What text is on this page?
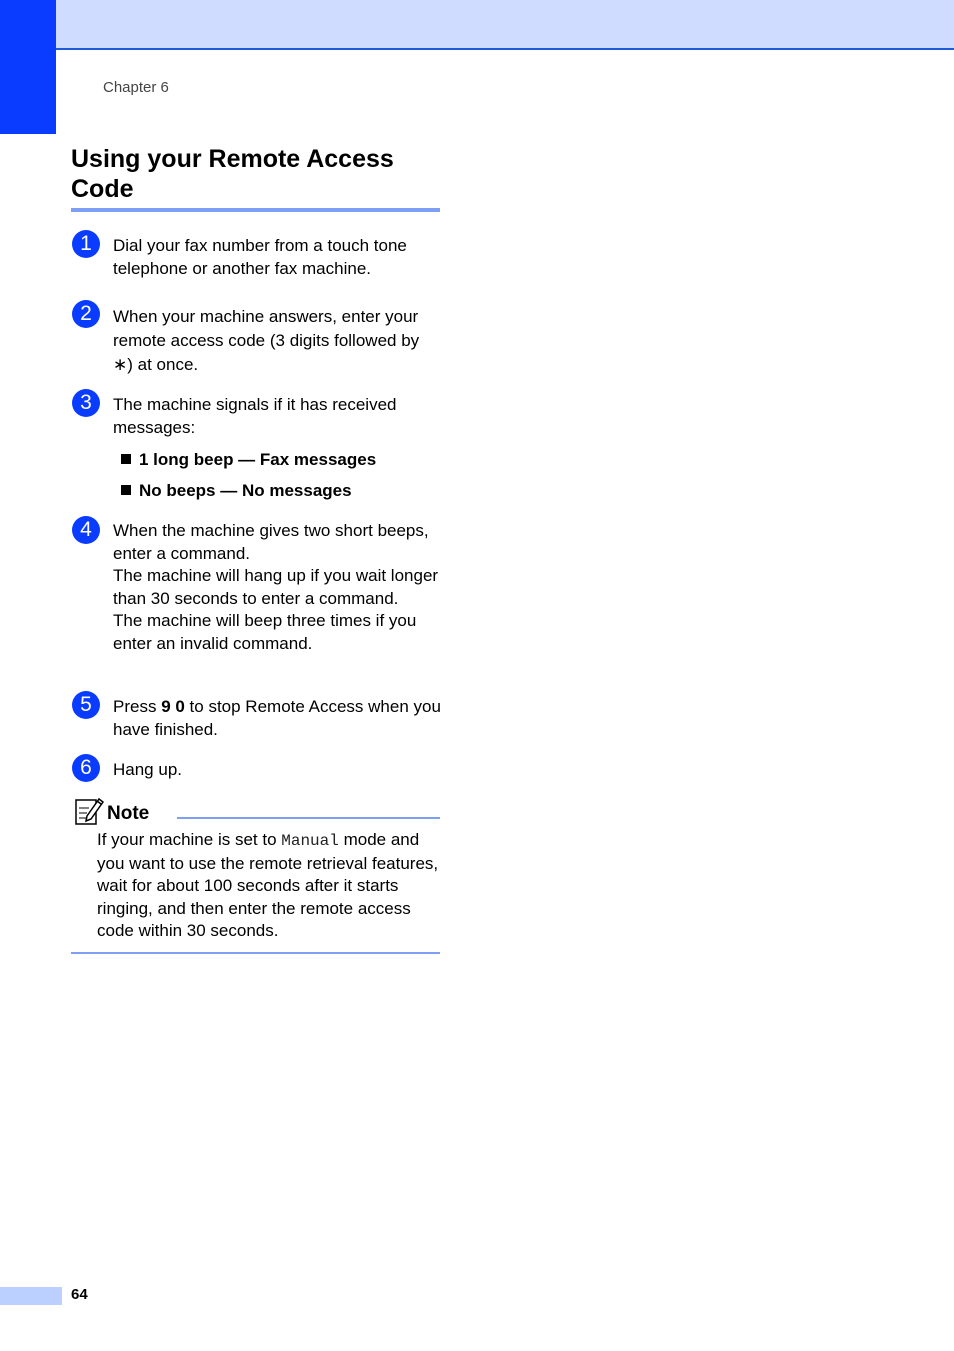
Chapter 6
Using your Remote Access Code
1	Dial your fax number from a touch tone telephone or another fax machine.

2	When your machine answers, enter your remote access code (3 digits followed by ∗) at once.

3	The machine signals if it has received messages:

1 long beep — Fax messages
No beeps — No messages
4	When the machine gives two short beeps, enter a command.
The machine will hang up if you wait longer than 30 seconds to enter a command.
The machine will beep three times if you enter an invalid command.

5	Press 9 0 to stop Remote Access when you have finished.

6	Hang up.

Note

If your machine is set to Manual mode and you want to use the remote retrieval features, wait for about 100 seconds after it starts ringing, and then enter the remote access code within 30 seconds.

64
